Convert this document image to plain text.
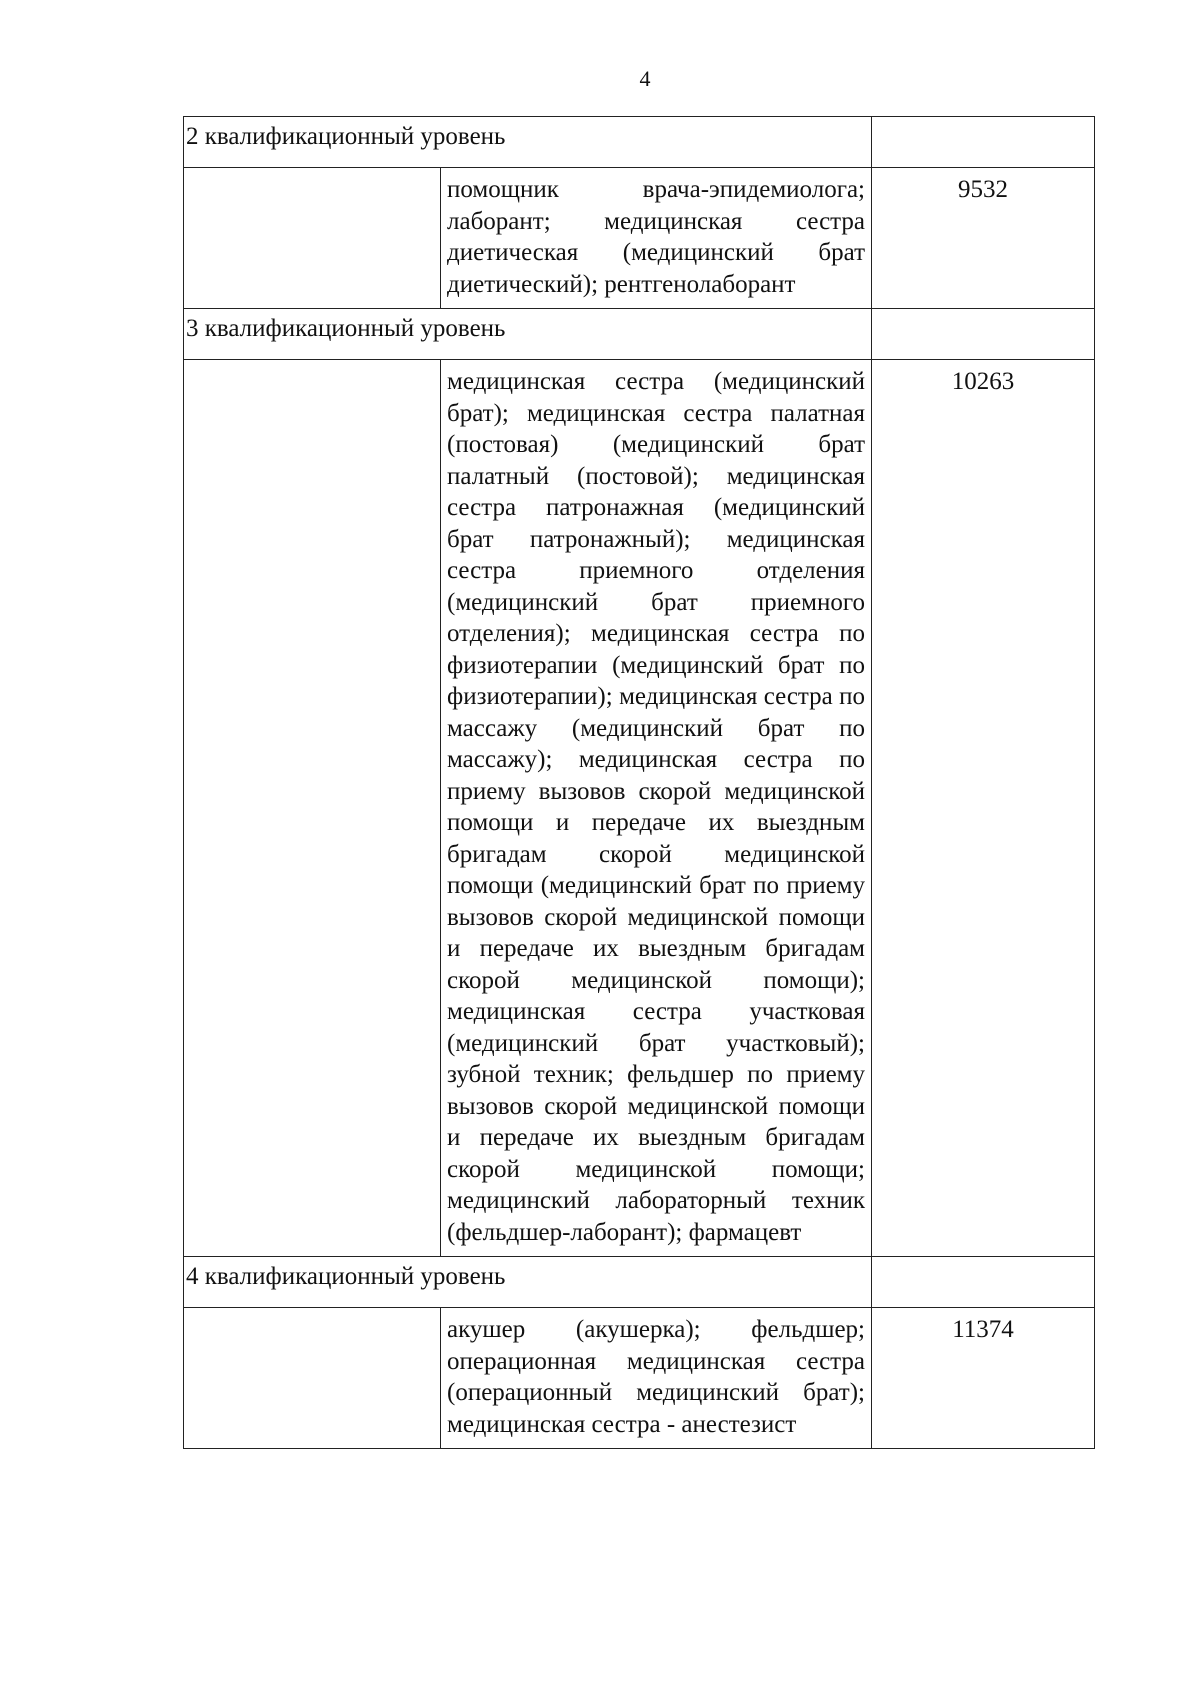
4
2 квалификационный уровень
помощник врача-эпидемиолога; лаборант; медицинская сестра диетическая (медицинский брат диетический); рентгенолаборант
9532
3 квалификационный уровень
медицинская сестра (медицинский брат); медицинская сестра палатная (постовая) (медицинский брат палатный (постовой); медицинская сестра патронажная (медицинский брат патронажный); медицинская сестра приемного отделения (медицинский брат приемного отделения); медицинская сестра по физиотерапии (медицинский брат по физиотерапии); медицинская сестра по массажу (медицинский брат по массажу); медицинская сестра по приему вызовов скорой медицинской помощи и передаче их выездным бригадам скорой медицинской помощи (медицинский брат по приему вызовов скорой медицинской помощи и передаче их выездным бригадам скорой медицинской помощи); медицинская сестра участковая (медицинский брат участковый); зубной техник; фельдшер по приему вызовов скорой медицинской помощи и передаче их выездным бригадам скорой медицинской помощи; медицинский лабораторный техник (фельдшер-лаборант); фармацевт
10263
4 квалификационный уровень
акушер (акушерка); фельдшер; операционная медицинская сестра (операционный медицинский брат); медицинская сестра - анестезист
11374
